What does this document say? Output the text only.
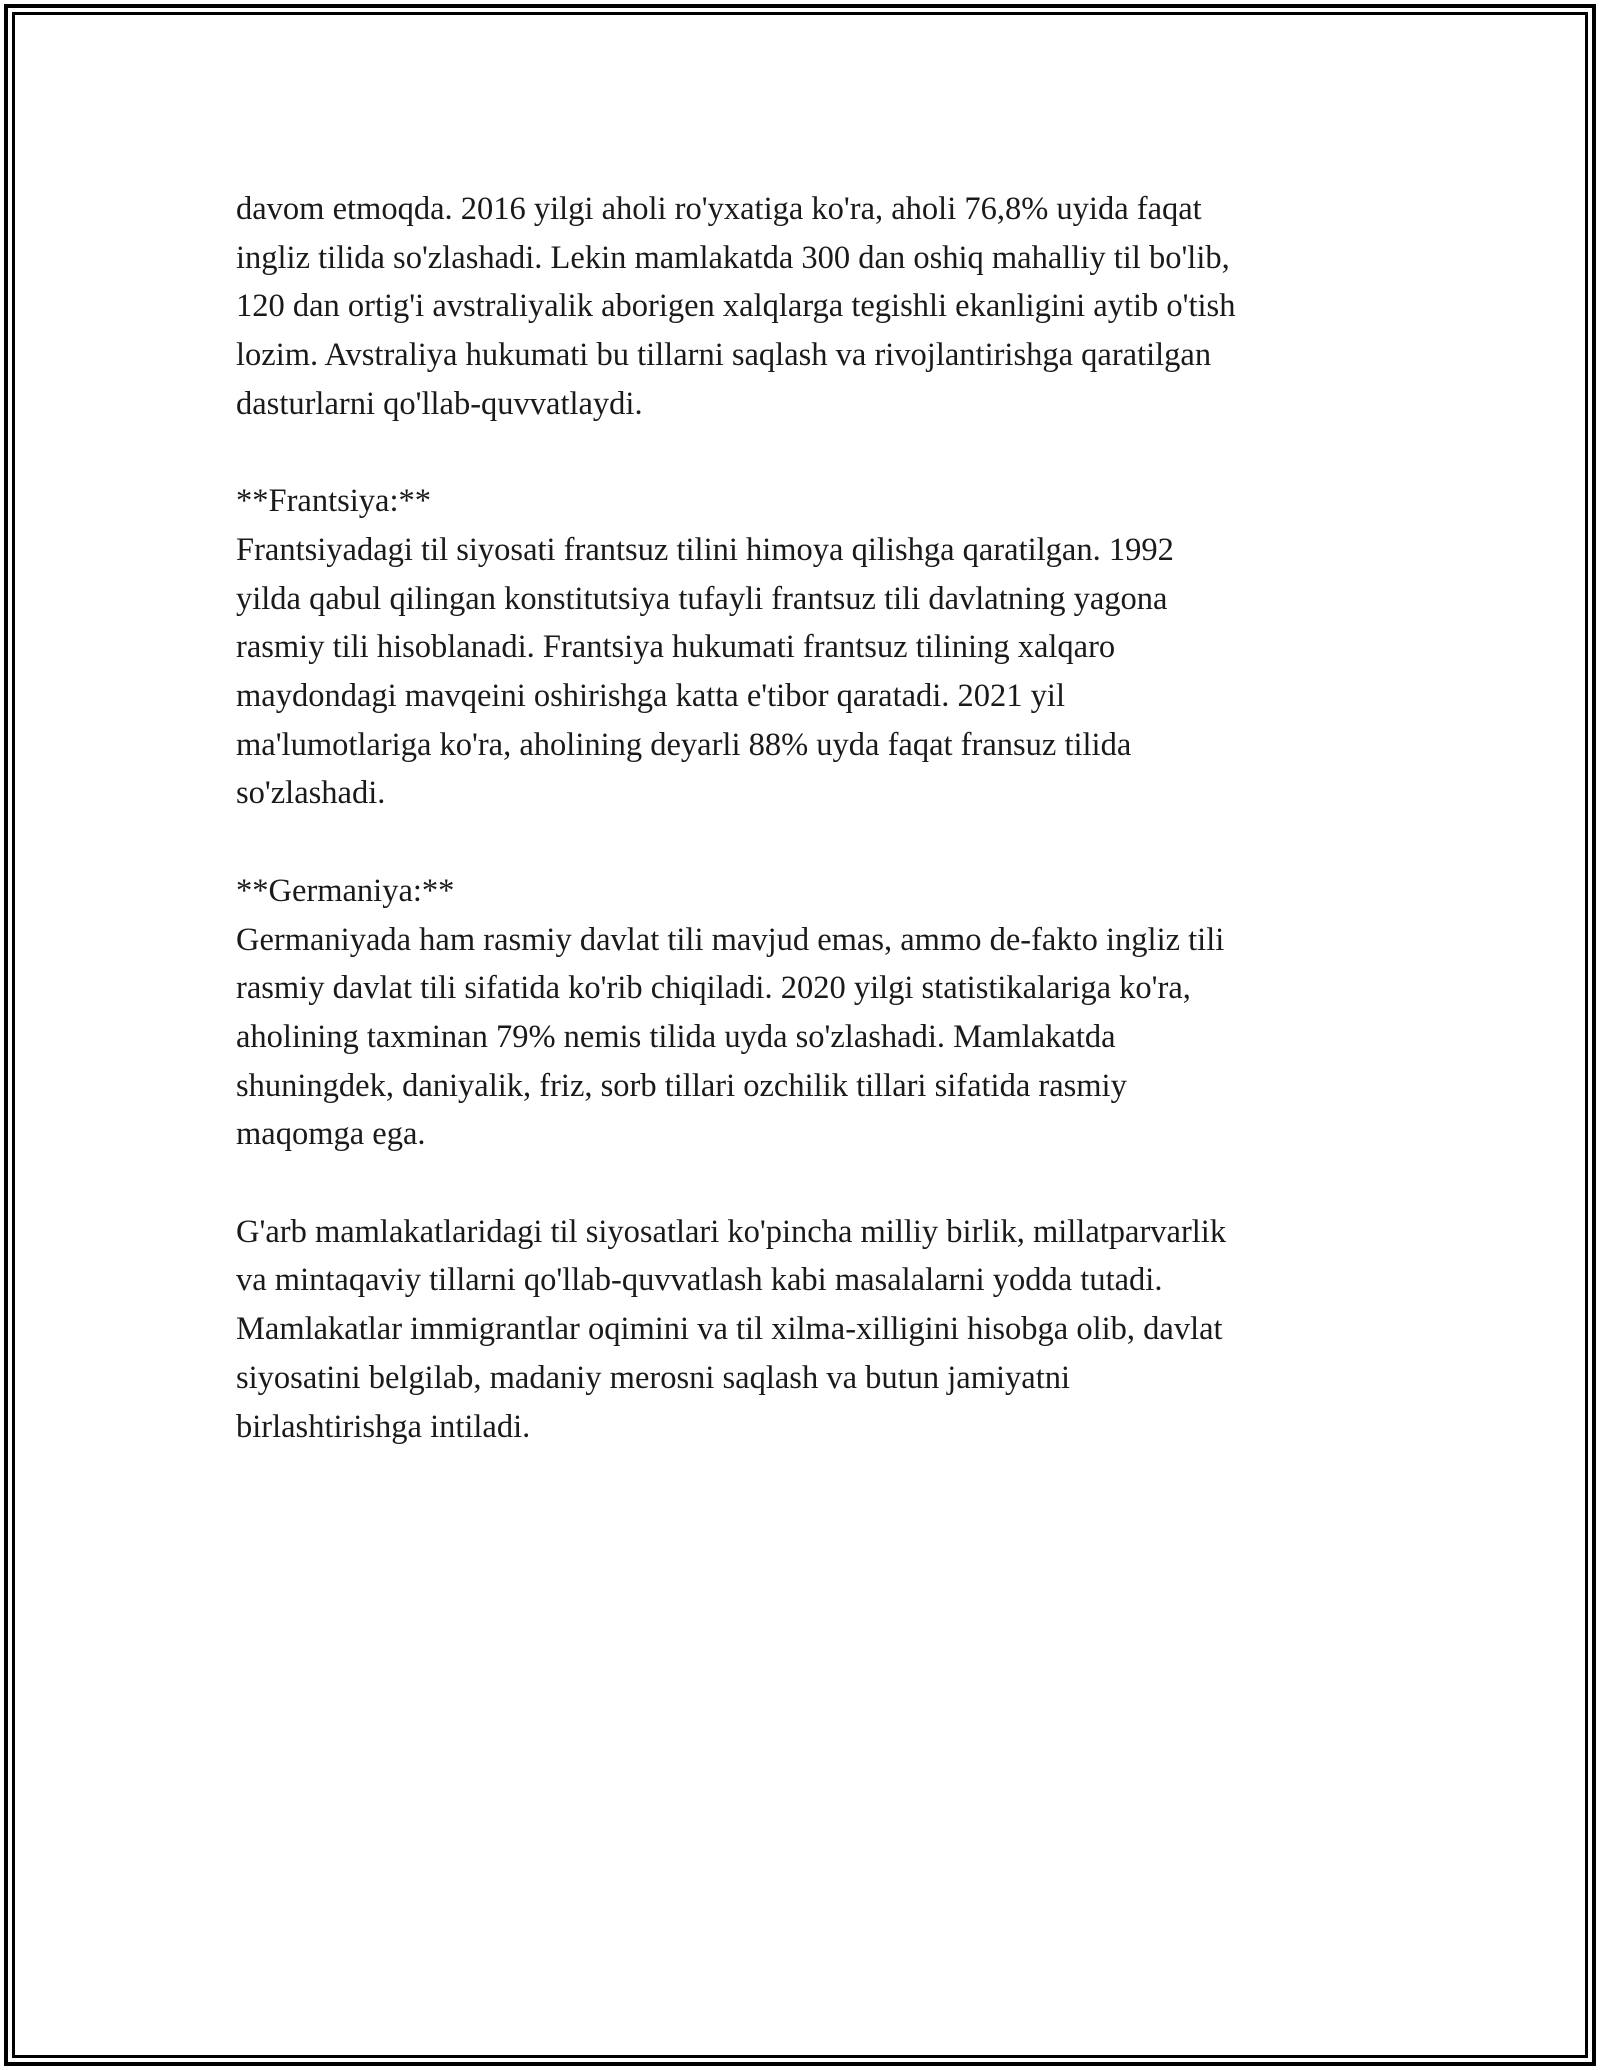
davom etmoqda. 2016 yilgi aholi ro'yxatiga ko'ra, aholi 76,8% uyida faqat
ingliz tilida so'zlashadi. Lekin mamlakatda 300 dan oshiq mahalliy til bo'lib,
120 dan ortig'i avstraliyalik aborigen xalqlarga tegishli ekanligini aytib o'tish
lozim. Avstraliya hukumati bu tillarni saqlash va rivojlantirishga qaratilgan
dasturlarni qo'llab-quvvatlaydi.
**Frantsiya:**
Frantsiyadagi til siyosati frantsuz tilini himoya qilishga qaratilgan. 1992
yilda qabul qilingan konstitutsiya tufayli frantsuz tili davlatning yagona
rasmiy tili hisoblanadi. Frantsiya hukumati frantsuz tilining xalqaro
maydondagi mavqeini oshirishga katta e'tibor qaratadi. 2021 yil
ma'lumotlariga ko'ra, aholining deyarli 88% uyda faqat fransuz tilida
so'zlashadi.
**Germaniya:**
Germaniyada ham rasmiy davlat tili mavjud emas, ammo de-fakto ingliz tili
rasmiy davlat tili sifatida ko'rib chiqiladi. 2020 yilgi statistikalariga ko'ra,
aholining taxminan 79% nemis tilida uyda so'zlashadi. Mamlakatda
shuningdek, daniyalik, friz, sorb tillari ozchilik tillari sifatida rasmiy
maqomga ega.
G'arb mamlakatlaridagi til siyosatlari ko'pincha milliy birlik, millatparvarlik
va mintaqaviy tillarni qo'llab-quvvatlash kabi masalalarni yodda tutadi.
Mamlakatlar immigrantlar oqimini va til xilma-xilligini hisobga olib, davlat
siyosatini belgilab, madaniy merosni saqlash va butun jamiyatni
birlashtirishga intiladi.
